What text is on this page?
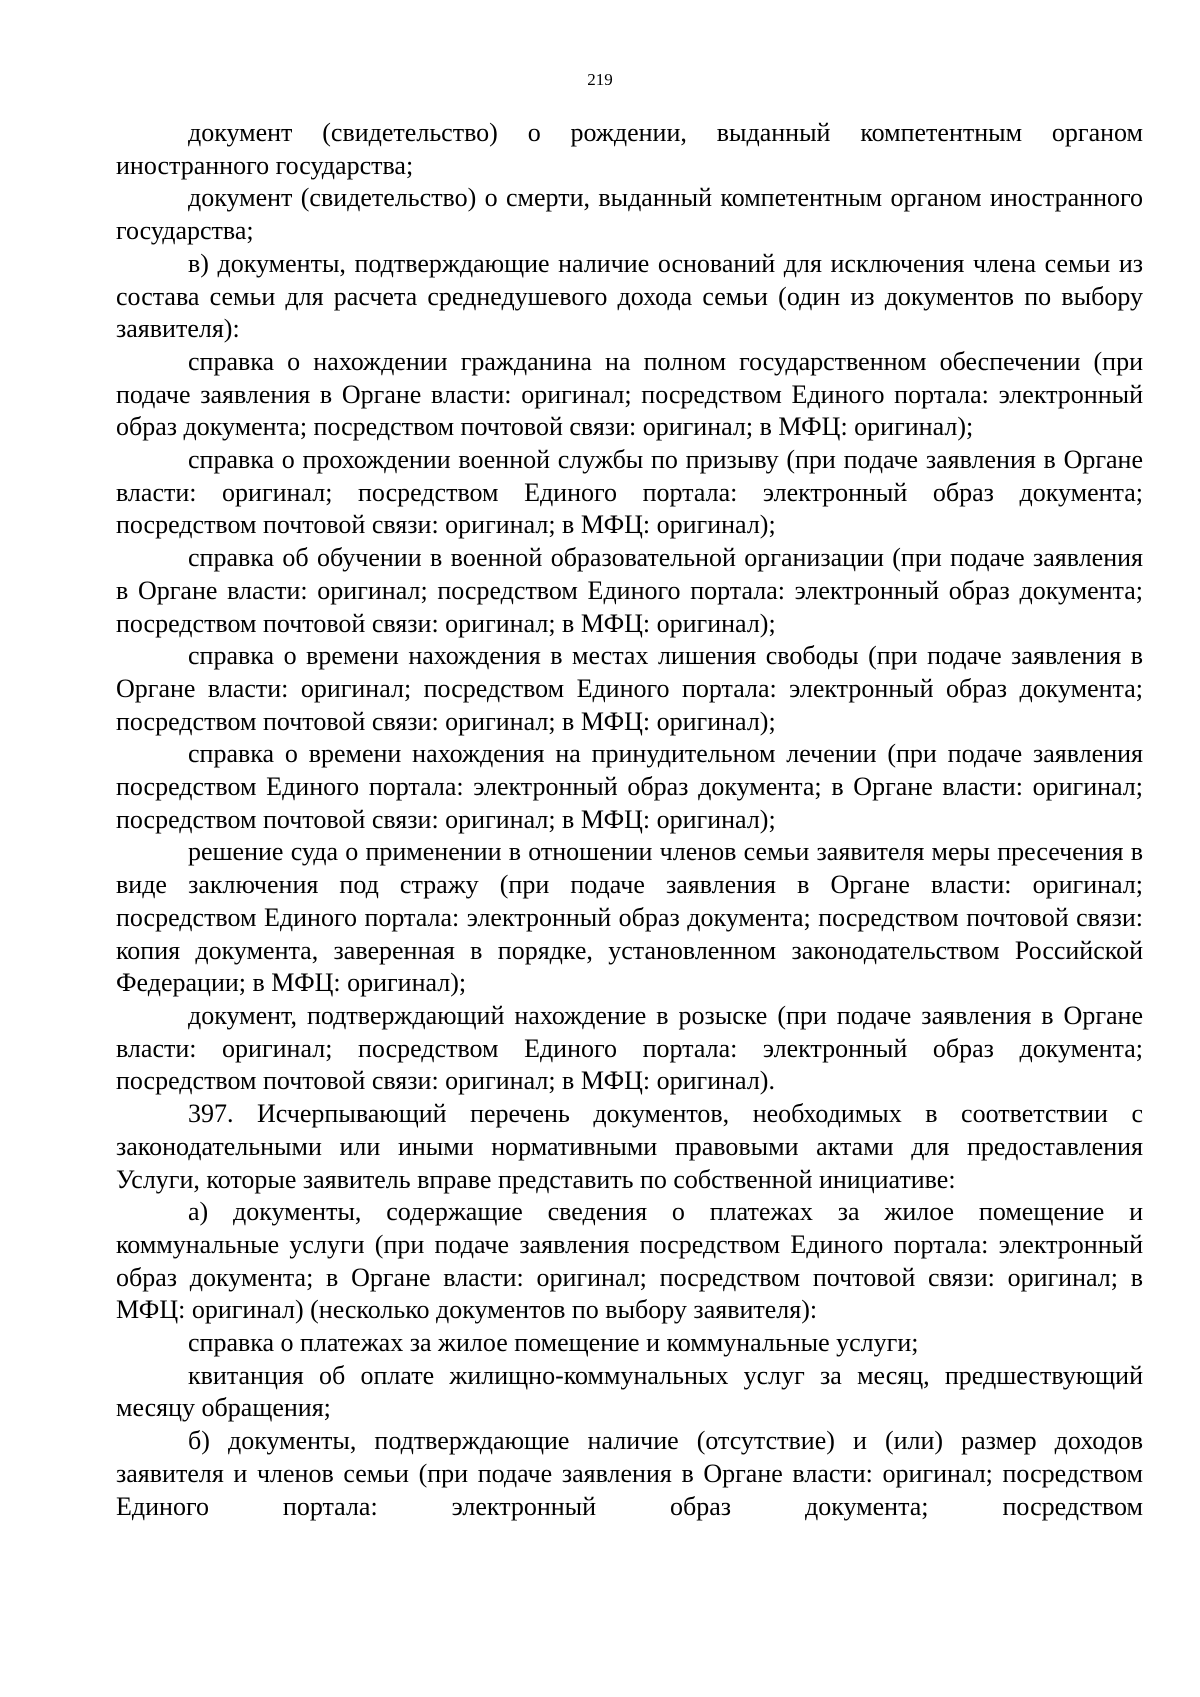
219

документ (свидетельство) о рождении, выданный компетентным органом иностранного государства;

документ (свидетельство) о смерти, выданный компетентным органом иностранного государства;

в) документы, подтверждающие наличие оснований для исключения члена семьи из состава семьи для расчета среднедушевого дохода семьи (один из документов по выбору заявителя):

справка о нахождении гражданина на полном государственном обеспечении (при подаче заявления в Органе власти: оригинал; посредством Единого портала: электронный образ документа; посредством почтовой связи: оригинал; в МФЦ: оригинал);

справка о прохождении военной службы по призыву (при подаче заявления в Органе власти: оригинал; посредством Единого портала: электронный образ документа; посредством почтовой связи: оригинал; в МФЦ: оригинал);

справка об обучении в военной образовательной организации (при подаче заявления в Органе власти: оригинал; посредством Единого портала: электронный образ документа; посредством почтовой связи: оригинал; в МФЦ: оригинал);

справка о времени нахождения в местах лишения свободы (при подаче заявления в Органе власти: оригинал; посредством Единого портала: электронный образ документа; посредством почтовой связи: оригинал; в МФЦ: оригинал);

справка о времени нахождения на принудительном лечении (при подаче заявления посредством Единого портала: электронный образ документа; в Органе власти: оригинал; посредством почтовой связи: оригинал; в МФЦ: оригинал);

решение суда о применении в отношении членов семьи заявителя меры пресечения в виде заключения под стражу (при подаче заявления в Органе власти: оригинал; посредством Единого портала: электронный образ документа; посредством почтовой связи: копия документа, заверенная в порядке, установленном законодательством Российской Федерации; в МФЦ: оригинал);

документ, подтверждающий нахождение в розыске (при подаче заявления в Органе власти: оригинал; посредством Единого портала: электронный образ документа; посредством почтовой связи: оригинал; в МФЦ: оригинал).

397. Исчерпывающий перечень документов, необходимых в соответствии с законодательными или иными нормативными правовыми актами для предоставления Услуги, которые заявитель вправе представить по собственной инициативе:

а) документы, содержащие сведения о платежах за жилое помещение и коммунальные услуги (при подаче заявления посредством Единого портала: электронный образ документа; в Органе власти: оригинал; посредством почтовой связи: оригинал; в МФЦ: оригинал) (несколько документов по выбору заявителя):

справка о платежах за жилое помещение и коммунальные услуги;

квитанция об оплате жилищно-коммунальных услуг за месяц, предшествующий месяцу обращения;

б) документы, подтверждающие наличие (отсутствие) и (или) размер доходов заявителя и членов семьи (при подаче заявления в Органе власти: оригинал; посредством Единого портала: электронный образ документа; посредством
